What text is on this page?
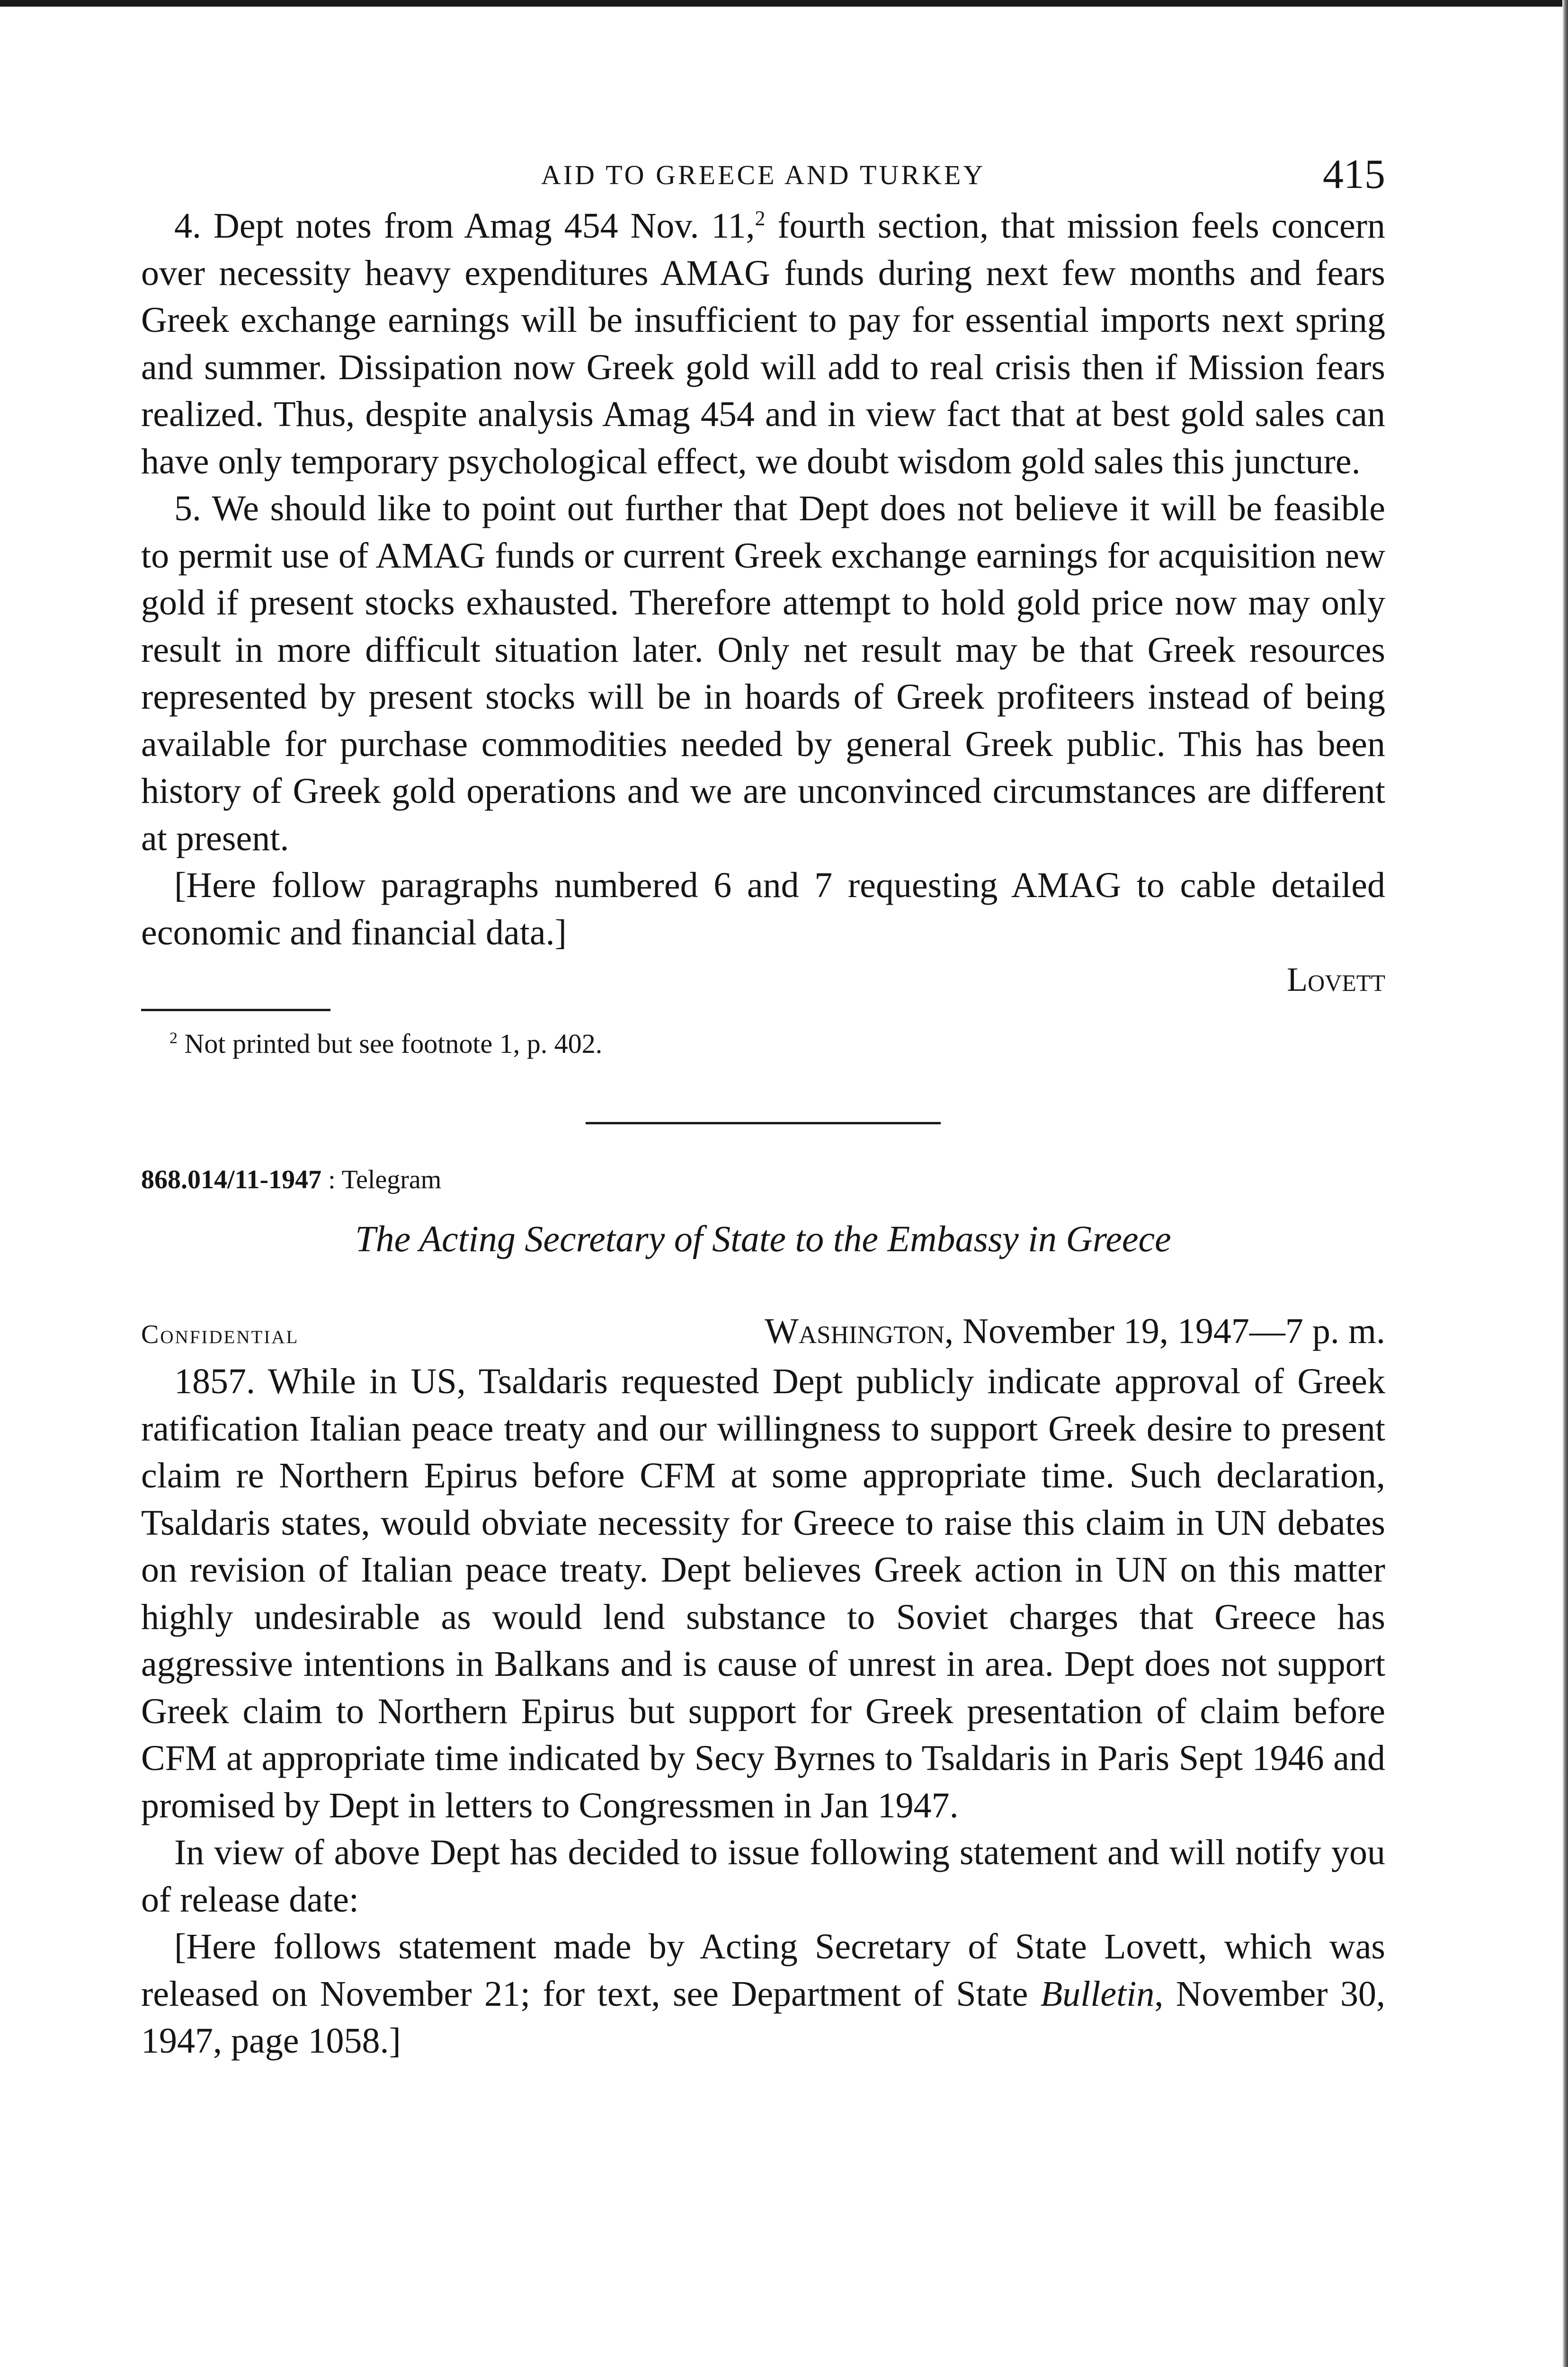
AID TO GREECE AND TURKEY	415

4. Dept notes from Amag 454 Nov. 11,$^2$ fourth section, that mission feels concern over necessity heavy expenditures AMAG funds during next few months and fears Greek exchange earnings will be insufficient to pay for essential imports next spring and summer. Dissipation now Greek gold will add to real crisis then if Mission fears realized. Thus, despite analysis Amag 454 and in view fact that at best gold sales can have only temporary psychological effect, we doubt wisdom gold sales this juncture.

5. We should like to point out further that Dept does not believe it will be feasible to permit use of AMAG funds or current Greek exchange earnings for acquisition new gold if present stocks exhausted. Therefore attempt to hold gold price now may only result in more difficult situation later. Only net result may be that Greek resources represented by present stocks will be in hoards of Greek profiteers instead of being available for purchase commodities needed by general Greek public. This has been history of Greek gold operations and we are unconvinced circumstances are different at present.

[Here follow paragraphs numbered 6 and 7 requesting AMAG to cable detailed economic and financial data.]

Lovett
$^2$ Not printed but see footnote 1, p. 402.
868.014/11-1947 : Telegram
The Acting Secretary of State to the Embassy in Greece
Confidential	Washington, November 19, 1947—7 p. m.

1857. While in US, Tsaldaris requested Dept publicly indicate approval of Greek ratification Italian peace treaty and our willingness to support Greek desire to present claim re Northern Epirus before CFM at some appropriate time. Such declaration, Tsaldaris states, would obviate necessity for Greece to raise this claim in UN debates on revision of Italian peace treaty. Dept believes Greek action in UN on this matter highly undesirable as would lend substance to Soviet charges that Greece has aggressive intentions in Balkans and is cause of unrest in area. Dept does not support Greek claim to Northern Epirus but support for Greek presentation of claim before CFM at appropriate time indicated by Secy Byrnes to Tsaldaris in Paris Sept 1946 and promised by Dept in letters to Congressmen in Jan 1947.

In view of above Dept has decided to issue following statement and will notify you of release date:

[Here follows statement made by Acting Secretary of State Lovett, which was released on November 21; for text, see Department of State Bulletin, November 30, 1947, page 1058.]
